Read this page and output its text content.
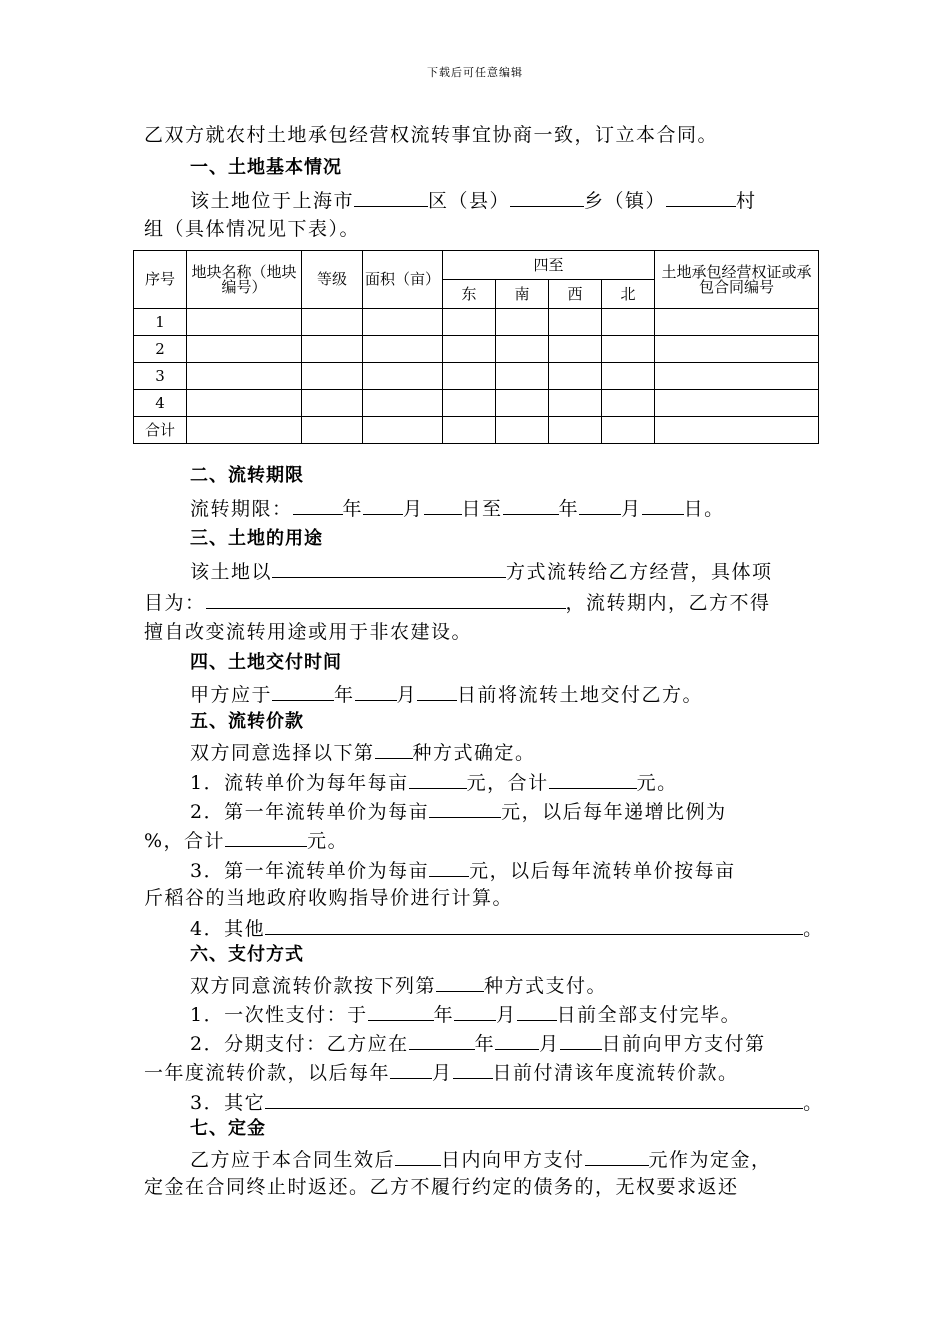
下载后可任意编辑
乙双方就农村土地承包经营权流转事宜协商一致，订立本合同。
一、土地基本情况
该土地位于上海市	区（县）	乡（镇）	村
组（具体情况见下表）。
序号	地块名称（地块编号）	等级	面积（亩）	四至				土地承包经营权证或承包合同编号
				东	南	西	北	
1								
2								
3								
4								
合计								
二、流转期限
流转期限：	年 月 日至	年 月 日。
三、土地的用途
该土地以	方式流转给乙方经营，具体项
目为：	，流转期内，乙方不得
擅自改变流转用途或用于非农建设。
四、土地交付时间
甲方应于	年 月 日前将流转土地交付乙方。
五、流转价款
双方同意选择以下第 种方式确定。
1．流转单价为每年每亩	元，合计	元。
2．第一年流转单价为每亩	元，以后每年递增比例为
%，合计	元。
3．第一年流转单价为每亩 元，以后每年流转单价按每亩
斤稻谷的当地政府收购指导价进行计算。
4．其他	。
六、支付方式
双方同意流转价款按下列第	种方式支付。
1．一次性支付：于	年 月 日前全部支付完毕。
2．分期支付：乙方应在	年 月 日前向甲方支付第
一年度流转价款，以后每年 月 日前付清该年度流转价款。
3．其它	。
七、定金
乙方应于本合同生效后 日内向甲方支付	元作为定金，
定金在合同终止时返还。乙方不履行约定的债务的，无权要求返还
